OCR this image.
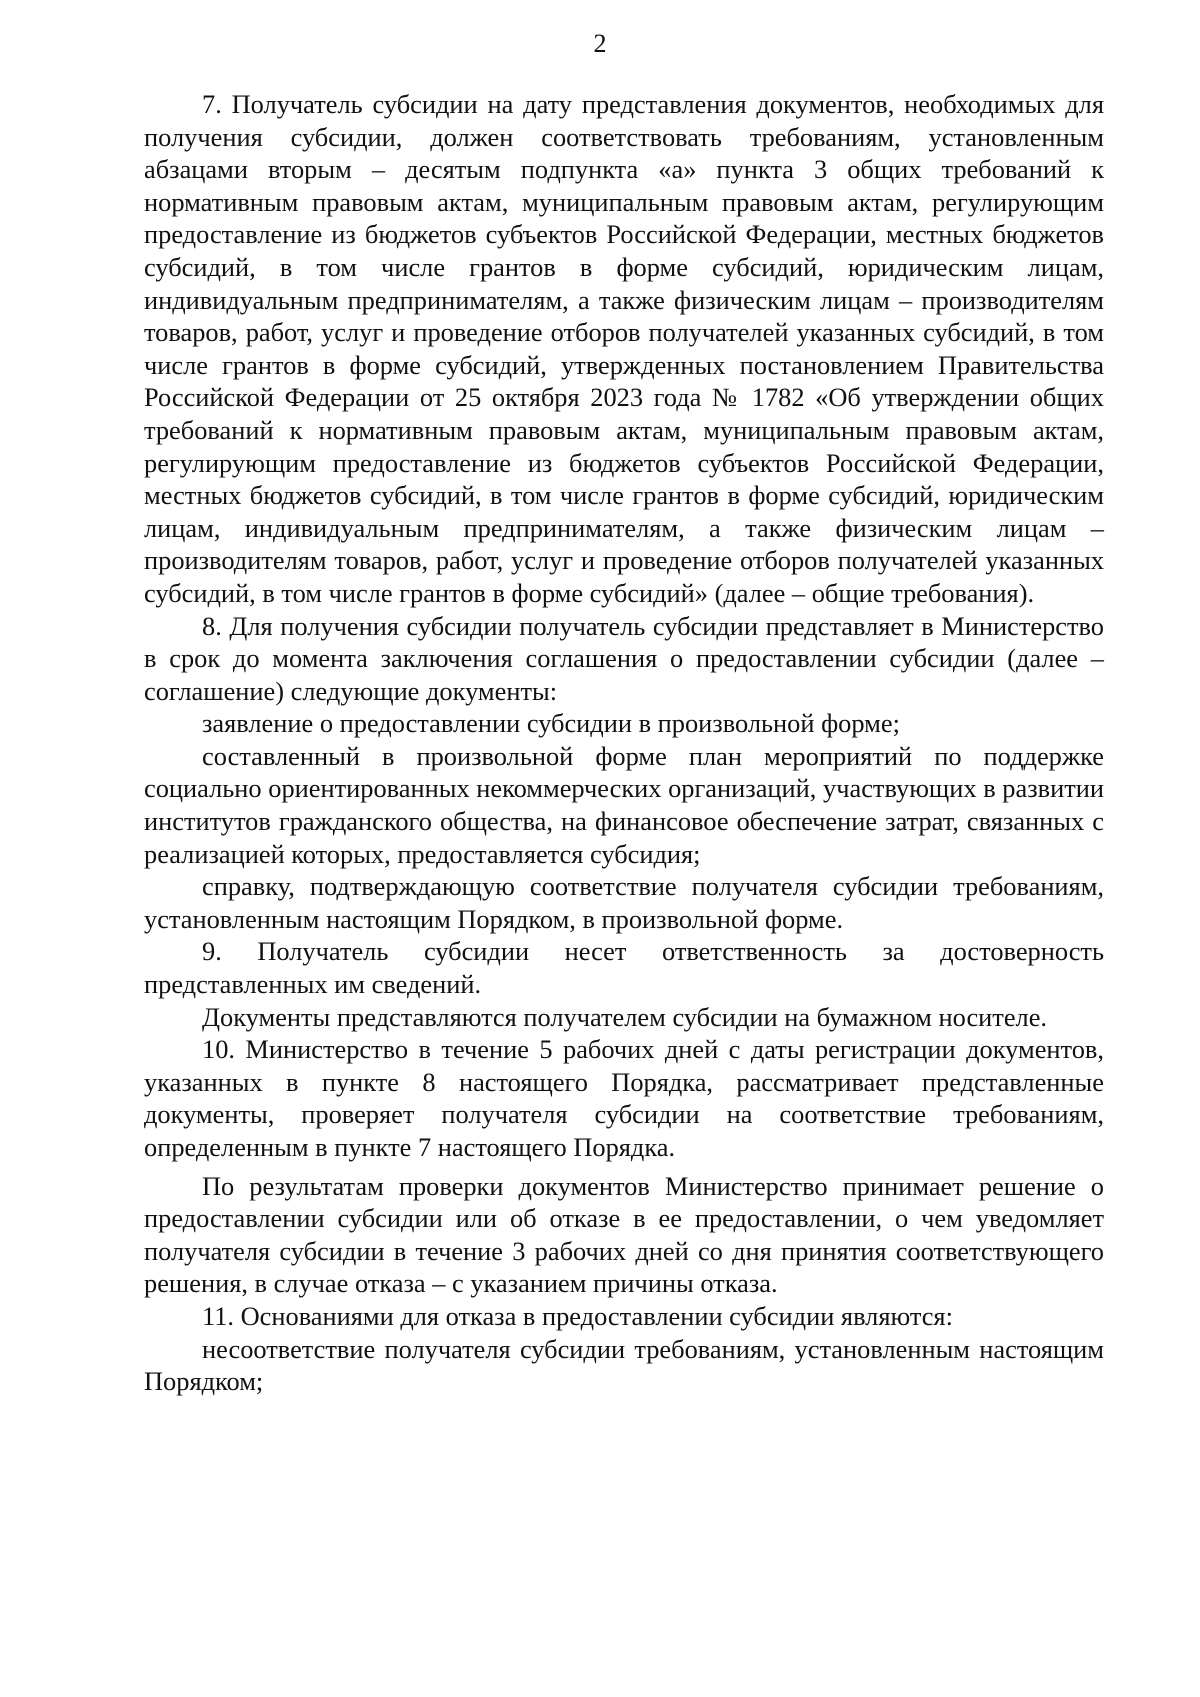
2

7. Получатель субсидии на дату представления документов, необходимых для получения субсидии, должен соответствовать требованиям, установленным абзацами вторым – десятым подпункта «а» пункта 3 общих требований к нормативным правовым актам, муниципальным правовым актам, регулирующим предоставление из бюджетов субъектов Российской Федерации, местных бюджетов субсидий, в том числе грантов в форме субсидий, юридическим лицам, индивидуальным предпринимателям, а также физическим лицам – производителям товаров, работ, услуг и проведение отборов получателей указанных субсидий, в том числе грантов в форме субсидий, утвержденных постановлением Правительства Российской Федерации от 25 октября 2023 года № 1782 «Об утверждении общих требований к нормативным правовым актам, муниципальным правовым актам, регулирующим предоставление из бюджетов субъектов Российской Федерации, местных бюджетов субсидий, в том числе грантов в форме субсидий, юридическим лицам, индивидуальным предпринимателям, а также физическим лицам – производителям товаров, работ, услуг и проведение отборов получателей указанных субсидий, в том числе грантов в форме субсидий» (далее – общие требования).

8. Для получения субсидии получатель субсидии представляет в Министерство в срок до момента заключения соглашения о предоставлении субсидии (далее – соглашение) следующие документы:

заявление о предоставлении субсидии в произвольной форме;

составленный в произвольной форме план мероприятий по поддержке социально ориентированных некоммерческих организаций, участвующих в развитии институтов гражданского общества, на финансовое обеспечение затрат, связанных с реализацией которых, предоставляется субсидия;

справку, подтверждающую соответствие получателя субсидии требованиям, установленным настоящим Порядком, в произвольной форме.

9. Получатель субсидии несет ответственность за достоверность представленных им сведений.

Документы представляются получателем субсидии на бумажном носителе.

10. Министерство в течение 5 рабочих дней с даты регистрации документов, указанных в пункте 8 настоящего Порядка, рассматривает представленные документы, проверяет получателя субсидии на соответствие требованиям, определенным в пункте 7 настоящего Порядка.

По результатам проверки документов Министерство принимает решение о предоставлении субсидии или об отказе в ее предоставлении, о чем уведомляет получателя субсидии в течение 3 рабочих дней со дня принятия соответствующего решения, в случае отказа – с указанием причины отказа.

11. Основаниями для отказа в предоставлении субсидии являются:

несоответствие получателя субсидии требованиям, установленным настоящим Порядком;
